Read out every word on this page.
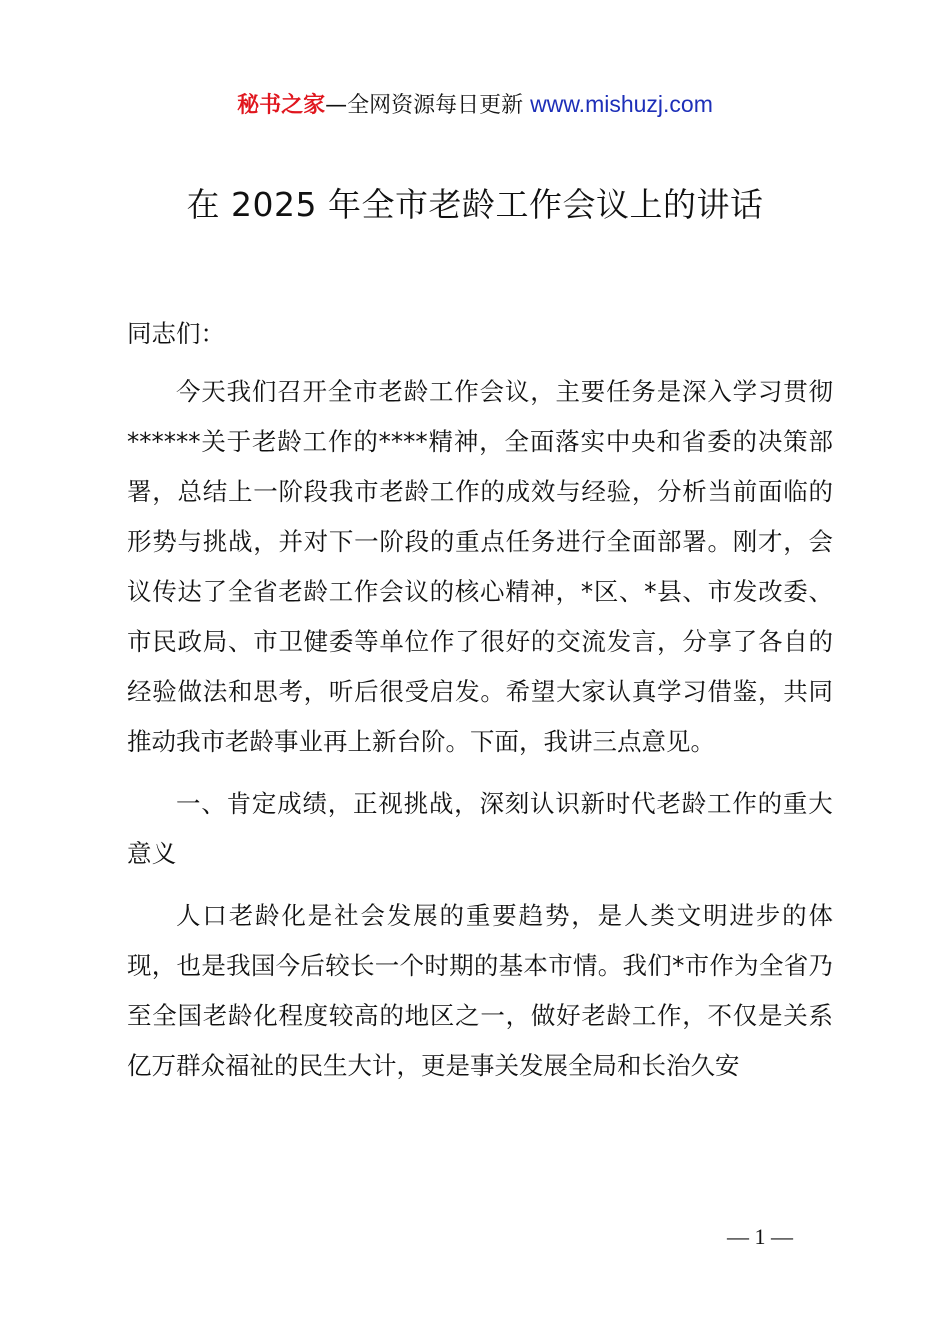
秘书之家—全网资源每日更新 www.mishuzj.com
在 2025 年全市老龄工作会议上的讲话

同志们：

今天我们召开全市老龄工作会议，主要任务是深入学习贯彻******关于老龄工作的****精神，全面落实中央和省委的决策部署，总结上一阶段我市老龄工作的成效与经验，分析当前面临的形势与挑战，并对下一阶段的重点任务进行全面部署。刚才，会议传达了全省老龄工作会议的核心精神，*区、*县、市发改委、市民政局、市卫健委等单位作了很好的交流发言，分享了各自的经验做法和思考，听后很受启发。希望大家认真学习借鉴，共同推动我市老龄事业再上新台阶。下面，我讲三点意见。

一、肯定成绩，正视挑战，深刻认识新时代老龄工作的重大意义

人口老龄化是社会发展的重要趋势，是人类文明进步的体现，也是我国今后较长一个时期的基本市情。我们*市作为全省乃至全国老龄化程度较高的地区之一，做好老龄工作，不仅是关系亿万群众福祉的民生大计，更是事关发展全局和长治久安

— 1 —
